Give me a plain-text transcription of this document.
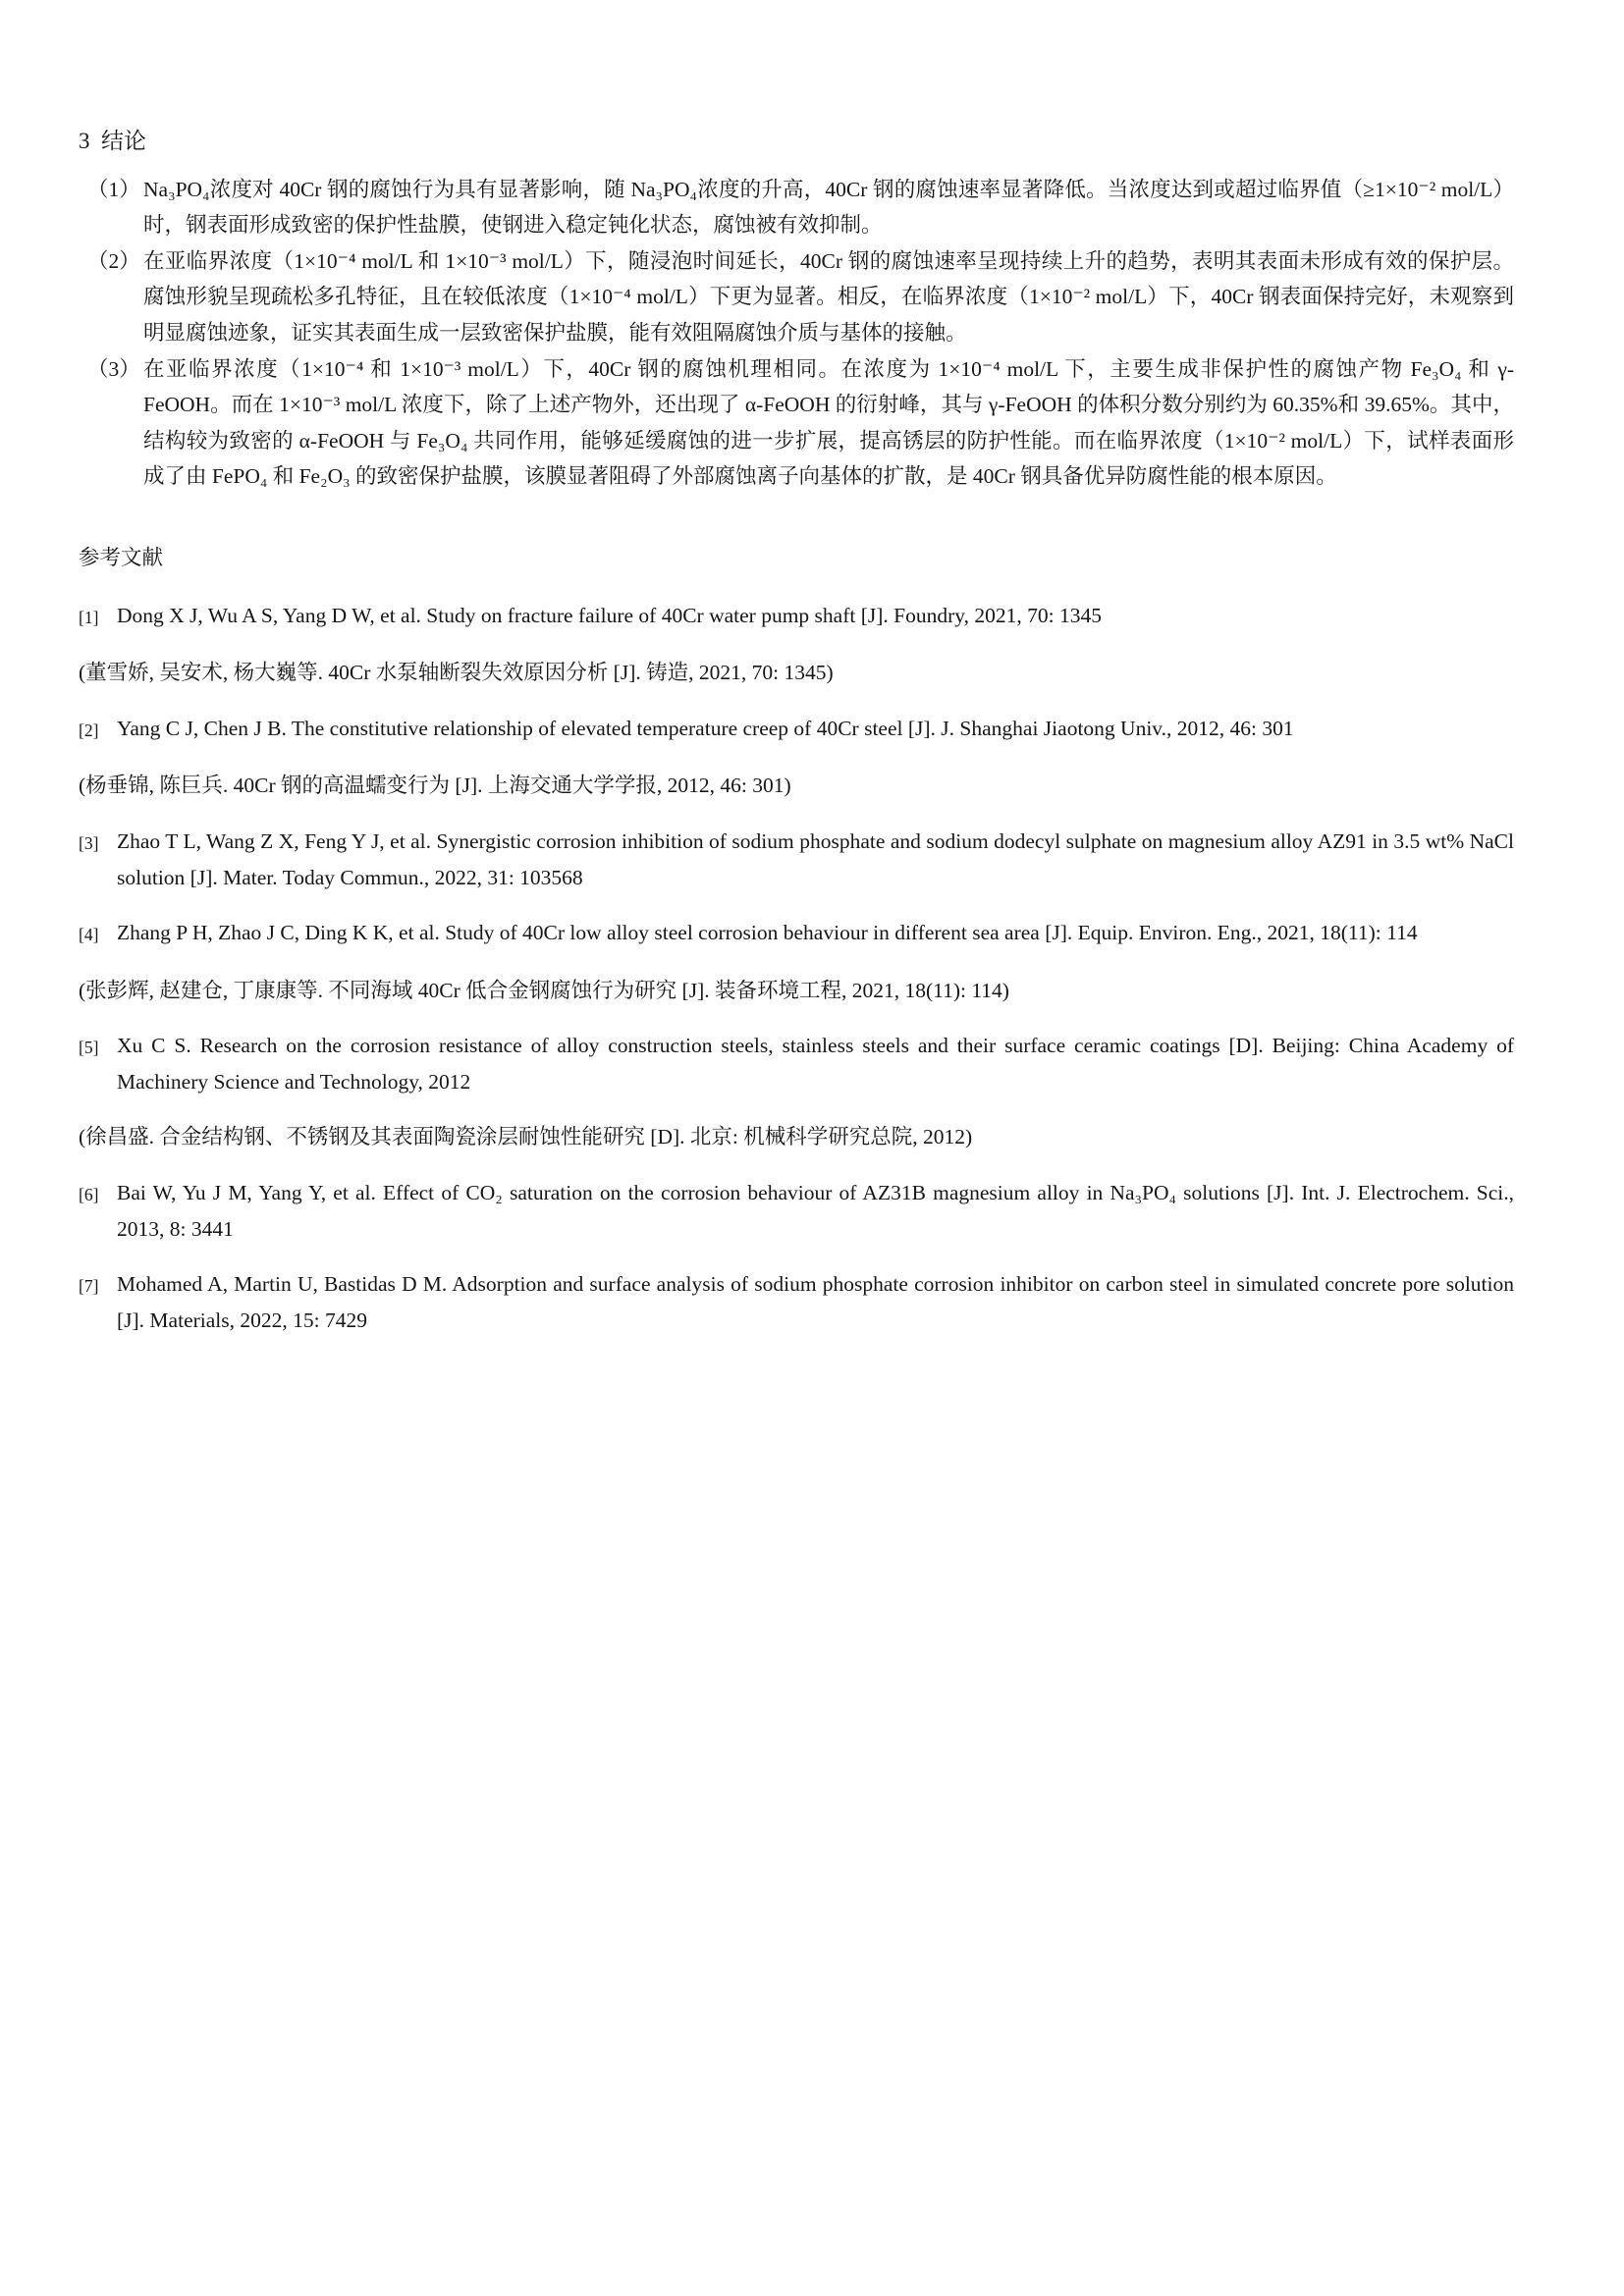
3  结论
（1） Na₃PO₄浓度对 40Cr 钢的腐蚀行为具有显著影响，随 Na₃PO₄浓度的升高，40Cr 钢的腐蚀速率显著降低。当浓度达到或超过临界值（≥1×10⁻² mol/L）时，钢表面形成致密的保护性盐膜，使钢进入稳定钝化状态，腐蚀被有效抑制。
（2） 在亚临界浓度（1×10⁻⁴ mol/L 和 1×10⁻³ mol/L）下，随浸泡时间延长，40Cr 钢的腐蚀速率呈现持续上升的趋势，表明其表面未形成有效的保护层。腐蚀形貌呈现疏松多孔特征，且在较低浓度（1×10⁻⁴ mol/L）下更为显著。相反，在临界浓度（1×10⁻² mol/L）下，40Cr 钢表面保持完好，未观察到明显腐蚀迹象，证实其表面生成一层致密保护盐膜，能有效阻隔腐蚀介质与基体的接触。
（3） 在亚临界浓度（1×10⁻⁴ 和 1×10⁻³ mol/L）下，40Cr 钢的腐蚀机理相同。在浓度为 1×10⁻⁴ mol/L 下，主要生成非保护性的腐蚀产物 Fe₃O₄ 和 γ-FeOOH。而在 1×10⁻³ mol/L 浓度下，除了上述产物外，还出现了 α-FeOOH 的衍射峰，其与 γ-FeOOH 的体积分数分别约为 60.35%和 39.65%。其中，结构较为致密的 α-FeOOH 与 Fe₃O₄ 共同作用，能够延缓腐蚀的进一步扩展，提高锈层的防护性能。而在临界浓度（1×10⁻² mol/L）下，试样表面形成了由 FePO₄ 和 Fe₂O₃ 的致密保护盐膜，该膜显著阻碍了外部腐蚀离子向基体的扩散，是 40Cr 钢具备优异防腐性能的根本原因。
参考文献
[1] Dong X J, Wu A S, Yang D W, et al. Study on fracture failure of 40Cr water pump shaft [J]. Foundry, 2021, 70: 1345

(董雪娇, 吴安术, 杨大巍等. 40Cr 水泵轴断裂失效原因分析 [J]. 铸造, 2021, 70: 1345)

[2] Yang C J, Chen J B. The constitutive relationship of elevated temperature creep of 40Cr steel [J]. J. Shanghai Jiaotong Univ., 2012, 46: 301

(杨垂锦, 陈巨兵. 40Cr 钢的高温蠕变行为 [J]. 上海交通大学学报, 2012, 46: 301)

[3] Zhao T L, Wang Z X, Feng Y J, et al. Synergistic corrosion inhibition of sodium phosphate and sodium dodecyl sulphate on magnesium alloy AZ91 in 3.5 wt% NaCl solution [J]. Mater. Today Commun., 2022, 31: 103568
[4] Zhang P H, Zhao J C, Ding K K, et al. Study of 40Cr low alloy steel corrosion behaviour in different sea area [J]. Equip. Environ. Eng., 2021, 18(11): 114

(张彭辉, 赵建仓, 丁康康等. 不同海域 40Cr 低合金钢腐蚀行为研究 [J]. 装备环境工程, 2021, 18(11): 114)

[5] Xu C S. Research on the corrosion resistance of alloy construction steels, stainless steels and their surface ceramic coatings [D]. Beijing: China Academy of Machinery Science and Technology, 2012

(徐昌盛. 合金结构钢、不锈钢及其表面陶瓷涂层耐蚀性能研究 [D]. 北京: 机械科学研究总院, 2012)

[6] Bai W, Yu J M, Yang Y, et al. Effect of CO₂ saturation on the corrosion behaviour of AZ31B magnesium alloy in Na₃PO₄ solutions [J]. Int. J. Electrochem. Sci., 2013, 8: 3441
[7] Mohamed A, Martin U, Bastidas D M. Adsorption and surface analysis of sodium phosphate corrosion inhibitor on carbon steel in simulated concrete pore solution [J]. Materials, 2022, 15: 7429
